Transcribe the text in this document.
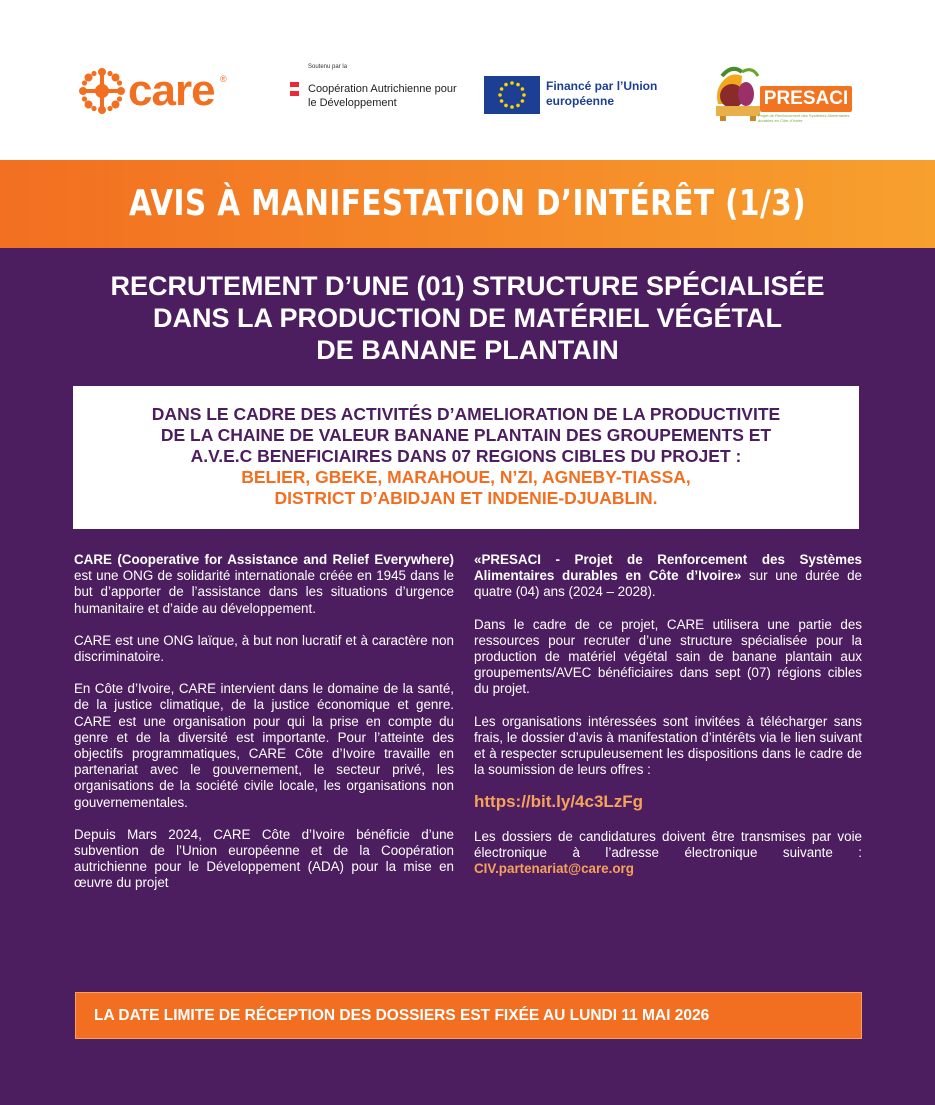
care ®
Soutenu par la
Coopération Autrichienne pour le Développement
Financé par l’Union européenne	PRESACI
Projet de Renforcement des Systèmes Alimentaires durables en Côte d’Ivoire
AVIS À MANIFESTATION D’INTÉRÊT (1/3)
RECRUTEMENT D’UNE (01) STRUCTURE SPÉCIALISÉE
DANS LA PRODUCTION DE MATÉRIEL VÉGÉTAL
DE BANANE PLANTAIN
DANS LE CADRE DES ACTIVITÉS D’AMELIORATION DE LA PRODUCTIVITE
DE LA CHAINE DE VALEUR BANANE PLANTAIN DES GROUPEMENTS ET
A.V.E.C BENEFICIAIRES DANS 07 REGIONS CIBLES DU PROJET :
BELIER, GBEKE, MARAHOUE, N’ZI, AGNEBY-TIASSA,
DISTRICT D’ABIDJAN ET INDENIE-DJUABLIN.

CARE (Cooperative for Assistance and Relief Everywhere) est une ONG de solidarité internationale créée en 1945 dans le but d’apporter de l’assistance dans les situations d’urgence humanitaire et d’aide au développement.

CARE est une ONG laïque, à but non lucratif et à caractère non discriminatoire.

En Côte d’Ivoire, CARE intervient dans le domaine de la santé, de la justice climatique, de la justice économique et genre. CARE est une organisation pour qui la prise en compte du genre et de la diversité est importante. Pour l’atteinte des objectifs programmatiques, CARE Côte d’Ivoire travaille en partenariat avec le gouvernement, le secteur privé, les organisations de la société civile locale, les organisations non gouvernementales.

Depuis Mars 2024, CARE Côte d’Ivoire bénéficie d’une subvention de l’Union européenne et de la Coopération autrichienne pour le Développement (ADA) pour la mise en œuvre du projet

«PRESACI - Projet de Renforcement des Systèmes Alimentaires durables en Côte d’Ivoire» sur une durée de quatre (04) ans (2024 – 2028).

Dans le cadre de ce projet, CARE utilisera une partie des ressources pour recruter d’une structure spécialisée pour la production de matériel végétal sain de banane plantain aux groupements/AVEC bénéficiaires dans sept (07) régions cibles du projet.

Les organisations intéressées sont invitées à télécharger sans frais, le dossier d’avis à manifestation d’intérêts via le lien suivant et à respecter scrupuleusement les dispositions dans le cadre de la soumission de leurs offres :

https://bit.ly/4c3LzFg

Les dossiers de candidatures doivent être transmises par voie électronique à l’adresse électronique suivante : CIV.partenariat@care.org

LA DATE LIMITE DE RÉCEPTION DES DOSSIERS EST FIXÉE AU LUNDI 11 MAI 2026
